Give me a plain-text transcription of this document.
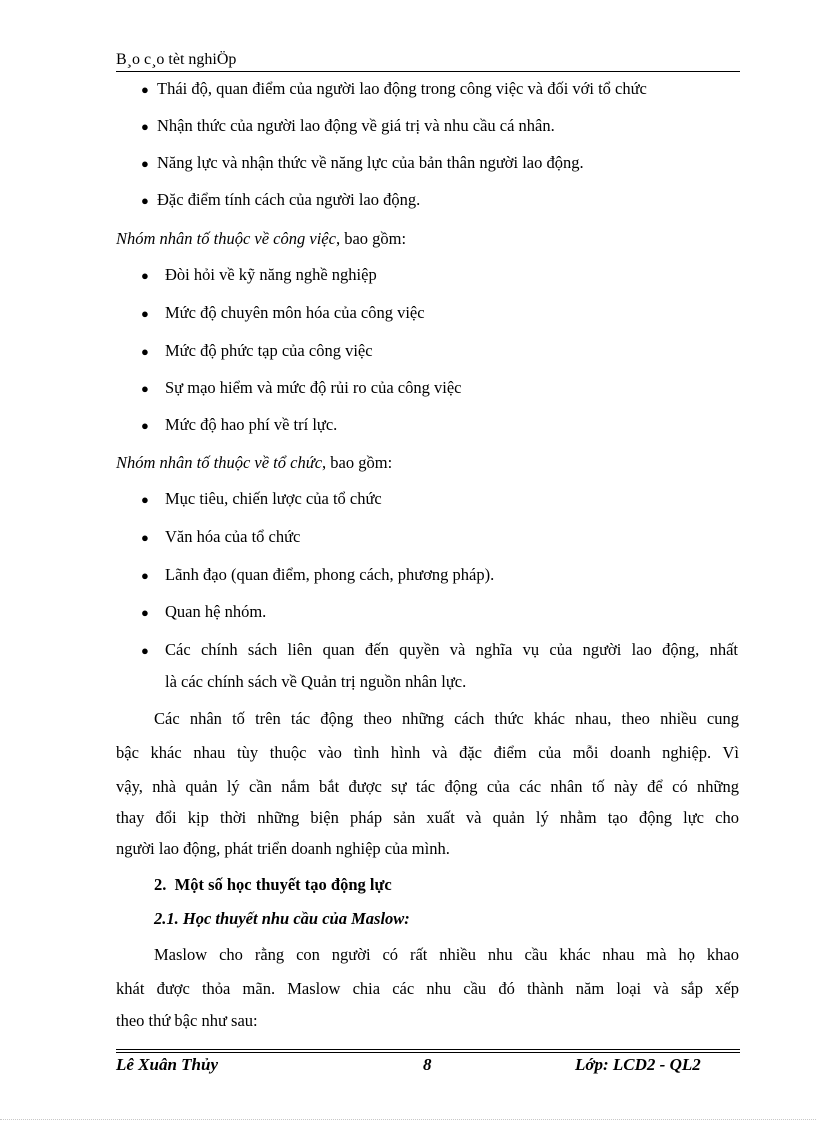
B¸o c¸o tèt nghiÖp
● Thái độ, quan điểm của người lao động trong công việc và đối với tổ chức
● Nhận thức của người lao động về giá trị và nhu cầu cá nhân.
● Năng lực và nhận thức về năng lực của bản thân người lao động.
● Đặc điểm tính cách của người lao động.
Nhóm nhân tố thuộc về công việc, bao gồm:
● Đòi hỏi về kỹ năng nghề nghiệp
● Mức độ chuyên môn hóa của công việc
● Mức độ phức tạp của công việc
● Sự mạo hiểm và mức độ rủi ro của công việc
● Mức độ hao phí về trí lực.
Nhóm nhân tố thuộc về tổ chức, bao gồm:
● Mục tiêu, chiến lược của tổ chức
● Văn hóa của tổ chức
● Lãnh đạo (quan điểm, phong cách, phương pháp).
● Quan hệ nhóm.
● Các chính sách liên quan đến quyền và nghĩa vụ của người lao động, nhất
là các chính sách về Quản trị nguồn nhân lực.
Các nhân tố trên tác động theo những cách thức khác nhau, theo nhiều cung
bậc khác nhau tùy thuộc vào tình hình và đặc điểm của mỗi doanh nghiệp. Vì
vậy, nhà quản lý cần nắm bắt được sự tác động của các nhân tố này để có những
thay đổi kịp thời những biện pháp sản xuất và quản lý nhằm tạo động lực cho
người lao động, phát triển doanh nghiệp của mình.
2.  Một số học thuyết tạo động lực
2.1. Học thuyết nhu cầu của Maslow:
Maslow cho rằng con người có rất nhiều nhu cầu khác nhau mà họ khao
khát được thỏa mãn. Maslow chia các nhu cầu đó thành năm loại và sắp xếp
theo thứ bậc như sau:
Lê Xuân Thủy	8	Lớp: LCD2 - QL2
